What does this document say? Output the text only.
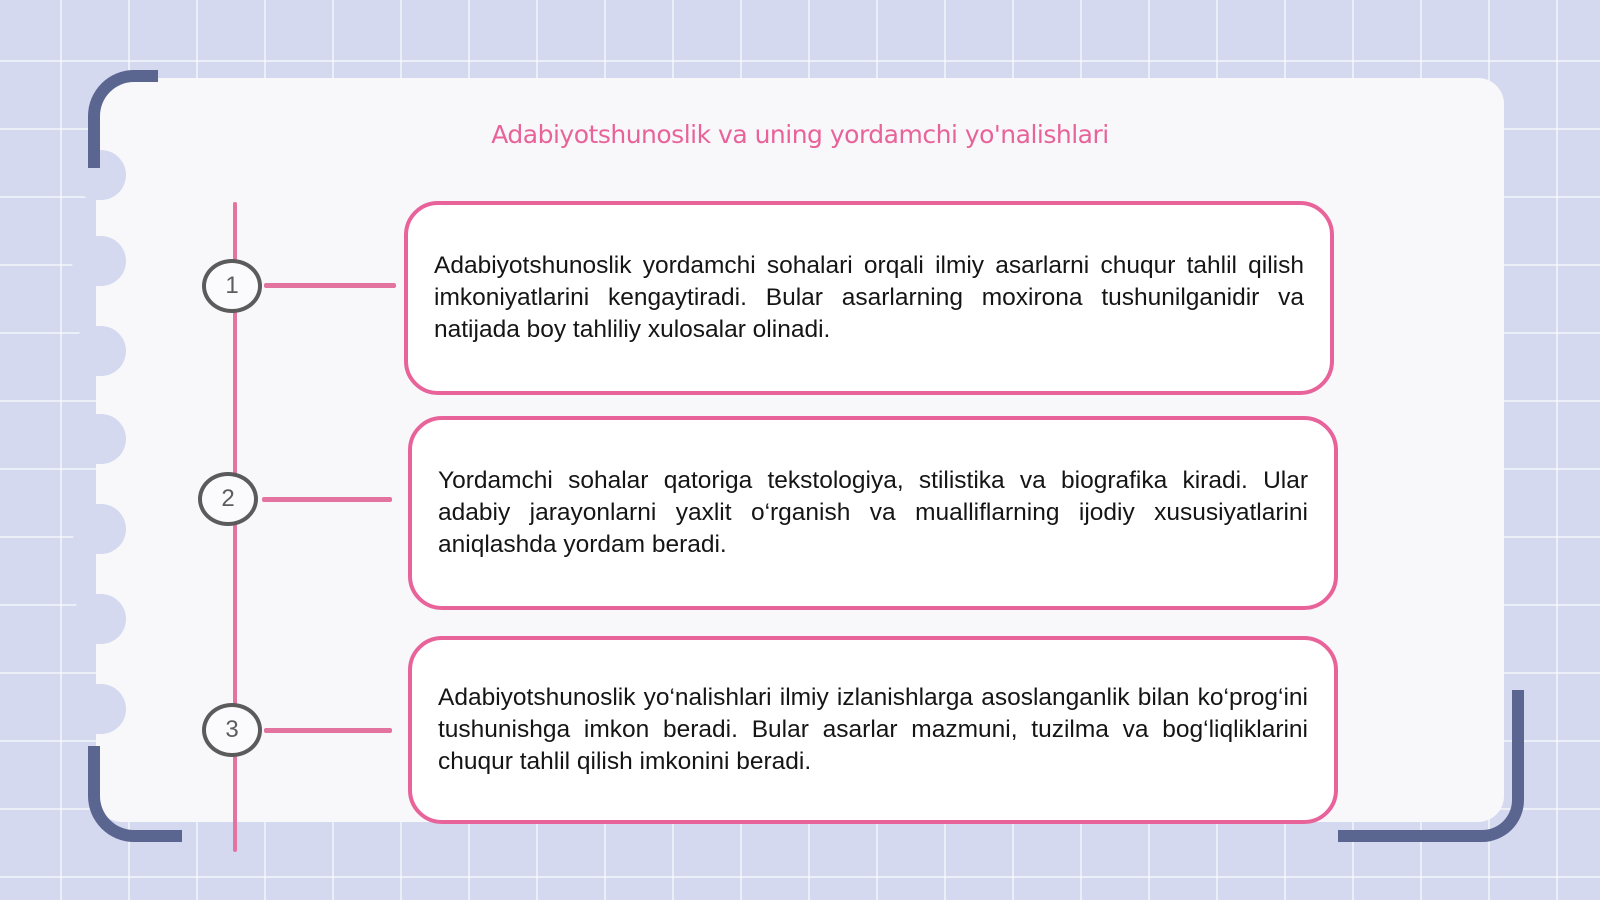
Adabiyotshunoslik va uning yordamchi yo'nalishlari
1
2
3

Adabiyotshunoslik yordamchi sohalari orqali ilmiy asarlarni chuqur tahlil qilish imkoniyatlarini kengaytiradi. Bular asarlarning moxirona tushunilganidir va natijada boy tahliliy xulosalar olinadi.

Yordamchi sohalar qatoriga tekstologiya, stilistika va biografika kiradi. Ular adabiy jarayonlarni yaxlit o‘rganish va mualliflarning ijodiy xususiyatlarini aniqlashda yordam beradi.

Adabiyotshunoslik yo‘nalishlari ilmiy izlanishlarga asoslanganlik bilan ko‘prog‘ini tushunishga imkon beradi. Bular asarlar mazmuni, tuzilma va bog‘liqliklarini chuqur tahlil qilish imkonini beradi.
